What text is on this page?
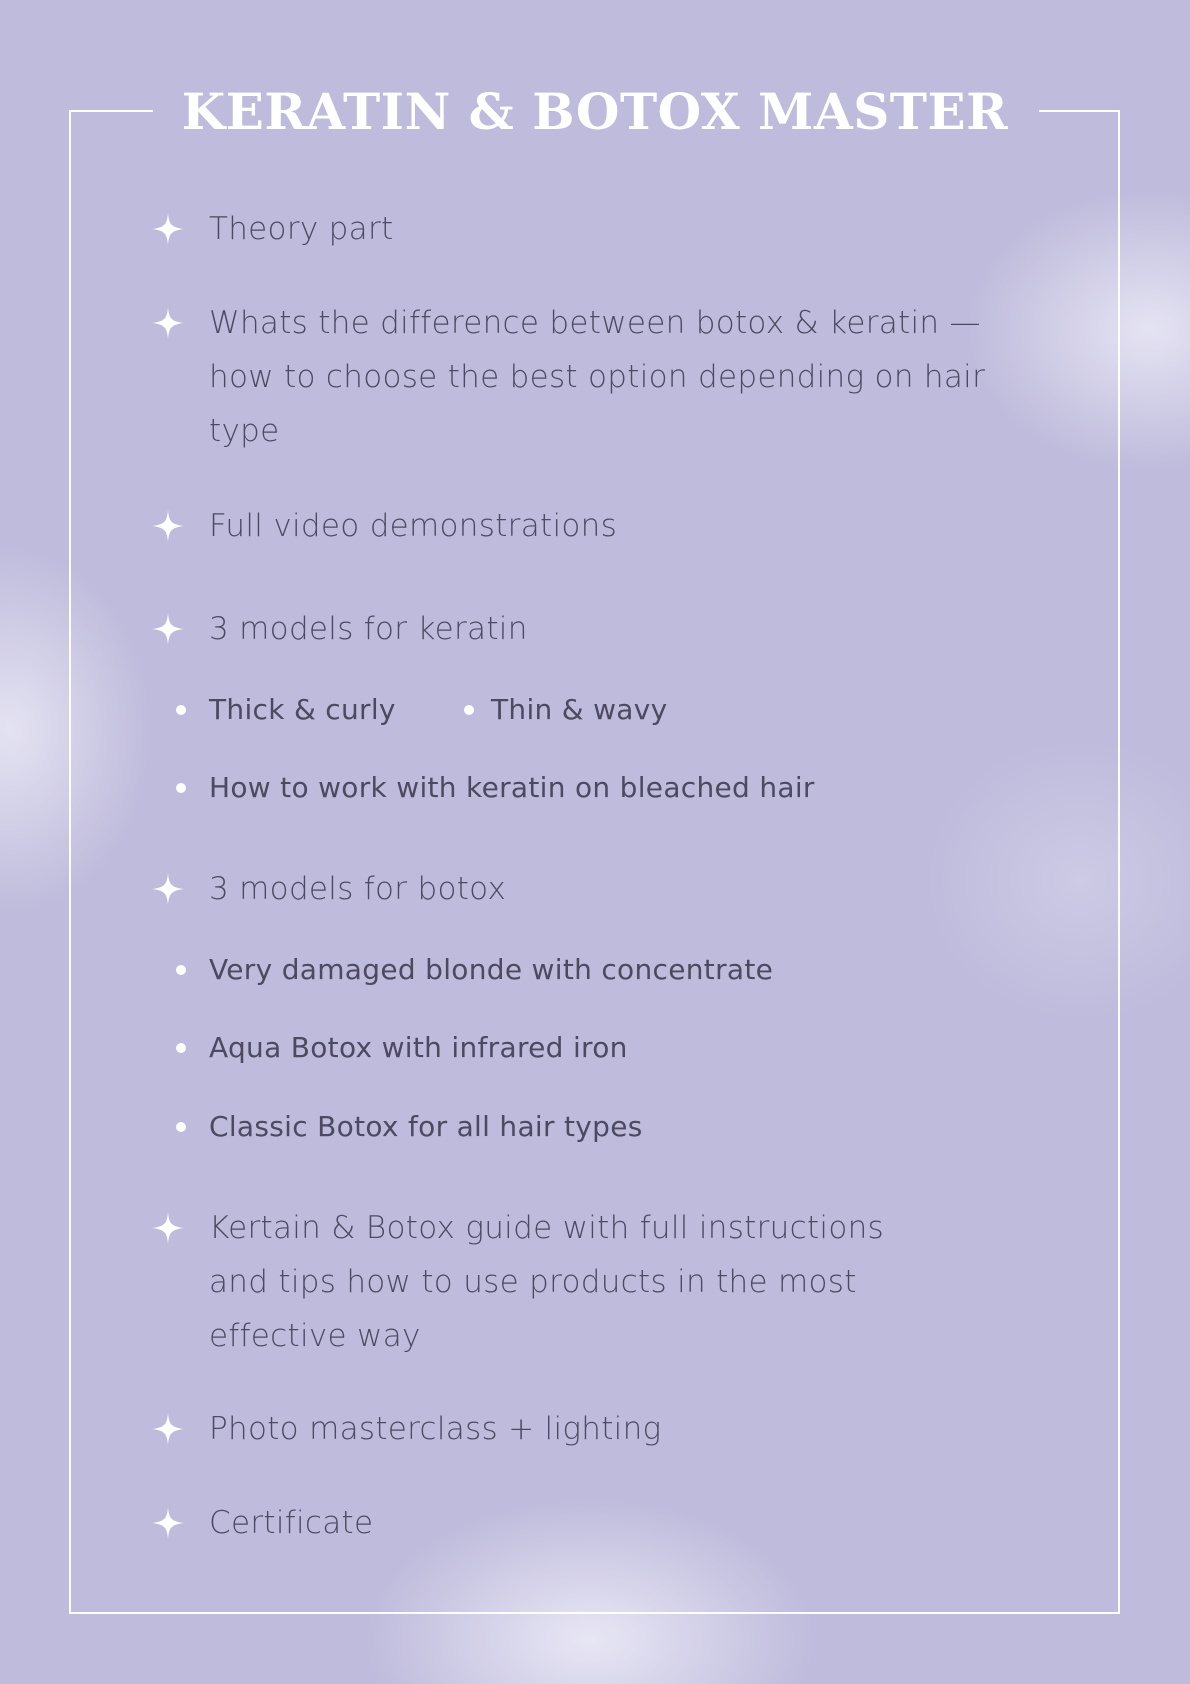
KERATIN & BOTOX MASTER
Theory part
Whats the difference between botox & keratin —
how to choose the best option depending on hair
type
Full video demonstrations
3 models for keratin
Thick & curly	Thin & wavy
How to work with keratin on bleached hair
3 models for botox
Very damaged blonde with concentrate
Aqua Botox with infrared iron
Classic Botox for all hair types
Kertain & Botox guide with full instructions
and tips how to use products in the most
effective way
Photo masterclass + lighting
Certificate
